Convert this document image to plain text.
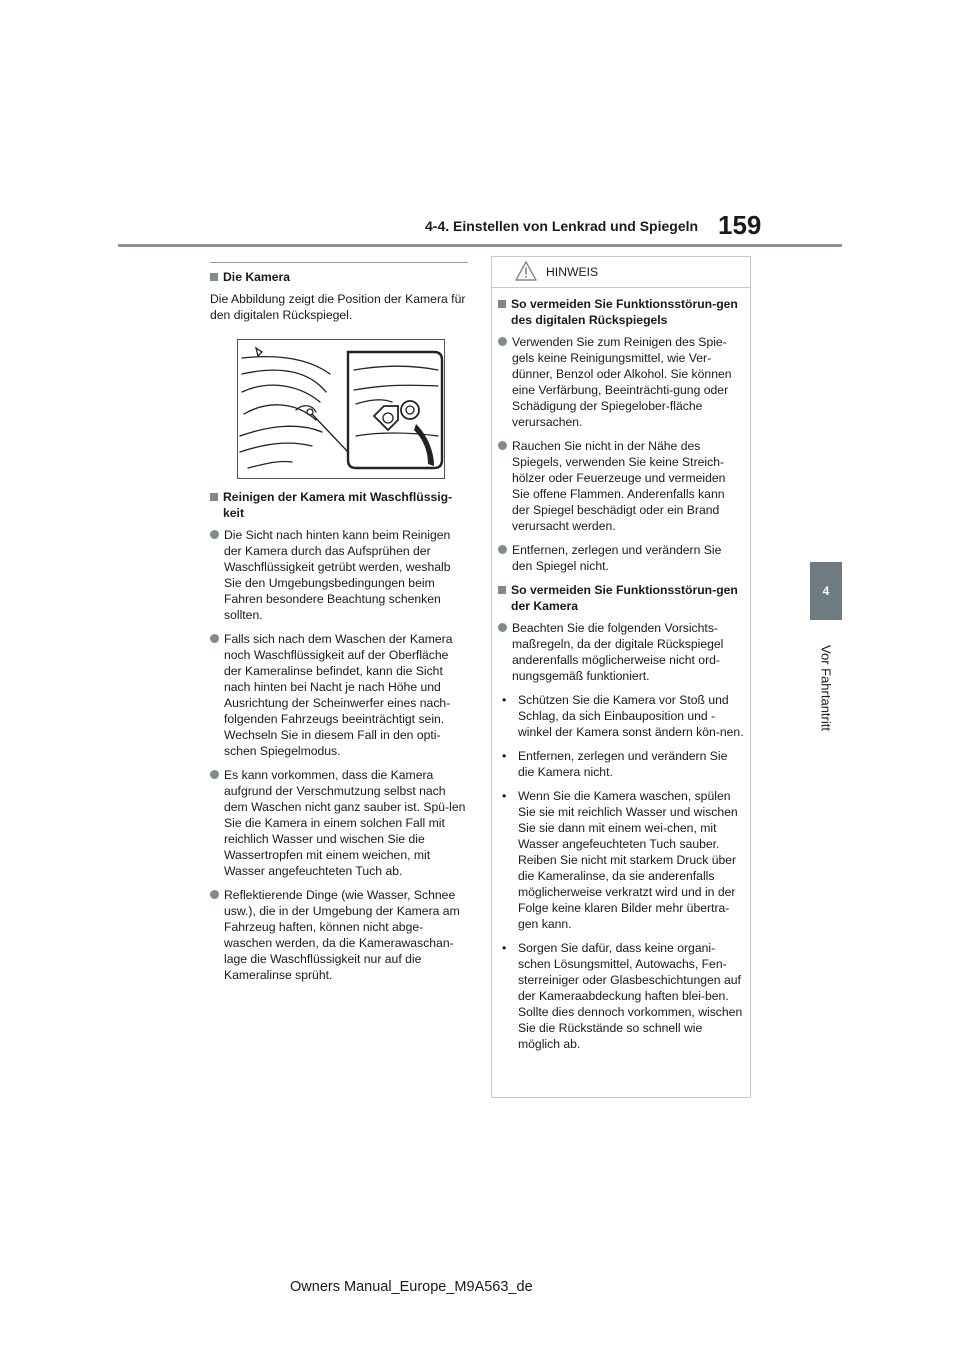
4-4. Einstellen von Lenkrad und Spiegeln 159
4
Vor Fahrtantritt
Die Kamera

Die Abbildung zeigt die Position der Kamera für den digitalen Rückspiegel.

Reinigen der Kamera mit Waschflüssig-keit
Die Sicht nach hinten kann beim Reinigen der Kamera durch das Aufsprühen der Waschflüssigkeit getrübt werden, weshalb Sie den Umgebungsbedingungen beim Fahren besondere Beachtung schenken sollten.
Falls sich nach dem Waschen der Kamera noch Waschflüssigkeit auf der Oberfläche der Kameralinse befindet, kann die Sicht nach hinten bei Nacht je nach Höhe und Ausrichtung der Scheinwerfer eines nach-folgenden Fahrzeugs beeinträchtigt sein. Wechseln Sie in diesem Fall in den opti-schen Spiegelmodus.
Es kann vorkommen, dass die Kamera aufgrund der Verschmutzung selbst nach dem Waschen nicht ganz sauber ist. Spü-len Sie die Kamera in einem solchen Fall mit reichlich Wasser und wischen Sie die Wassertropfen mit einem weichen, mit Wasser angefeuchteten Tuch ab.
Reflektierende Dinge (wie Wasser, Schnee usw.), die in der Umgebung der Kamera am Fahrzeug haften, können nicht abge-waschen werden, da die Kamerawaschan-lage die Waschflüssigkeit nur auf die Kameralinse sprüht.
HINWEIS
So vermeiden Sie Funktionsstörun-gen des digitalen Rückspiegels
Verwenden Sie zum Reinigen des Spie-gels keine Reinigungsmittel, wie Ver-dünner, Benzol oder Alkohol. Sie können eine Verfärbung, Beeinträchti-gung oder Schädigung der Spiegelober-fläche verursachen.
Rauchen Sie nicht in der Nähe des Spiegels, verwenden Sie keine Streich-hölzer oder Feuerzeuge und vermeiden Sie offene Flammen. Anderenfalls kann der Spiegel beschädigt oder ein Brand verursacht werden.
Entfernen, zerlegen und verändern Sie den Spiegel nicht.
So vermeiden Sie Funktionsstörun-gen der Kamera
Beachten Sie die folgenden Vorsichts-maßregeln, da der digitale Rückspiegel anderenfalls möglicherweise nicht ord-nungsgemäß funktioniert.
• Schützen Sie die Kamera vor Stoß und Schlag, da sich Einbauposition und -winkel der Kamera sonst ändern kön-nen.
• Entfernen, zerlegen und verändern Sie die Kamera nicht.
• Wenn Sie die Kamera waschen, spülen Sie sie mit reichlich Wasser und wischen Sie sie dann mit einem wei-chen, mit Wasser angefeuchteten Tuch sauber.
Reiben Sie nicht mit starkem Druck über die Kameralinse, da sie anderenfalls möglicherweise verkratzt wird und in der Folge keine klaren Bilder mehr übertra-gen kann.
• Sorgen Sie dafür, dass keine organi-schen Lösungsmittel, Autowachs, Fen-sterreiniger oder Glasbeschichtungen auf der Kameraabdeckung haften blei-ben. Sollte dies dennoch vorkommen, wischen Sie die Rückstände so schnell wie möglich ab.
Owners Manual_Europe_M9A563_de
